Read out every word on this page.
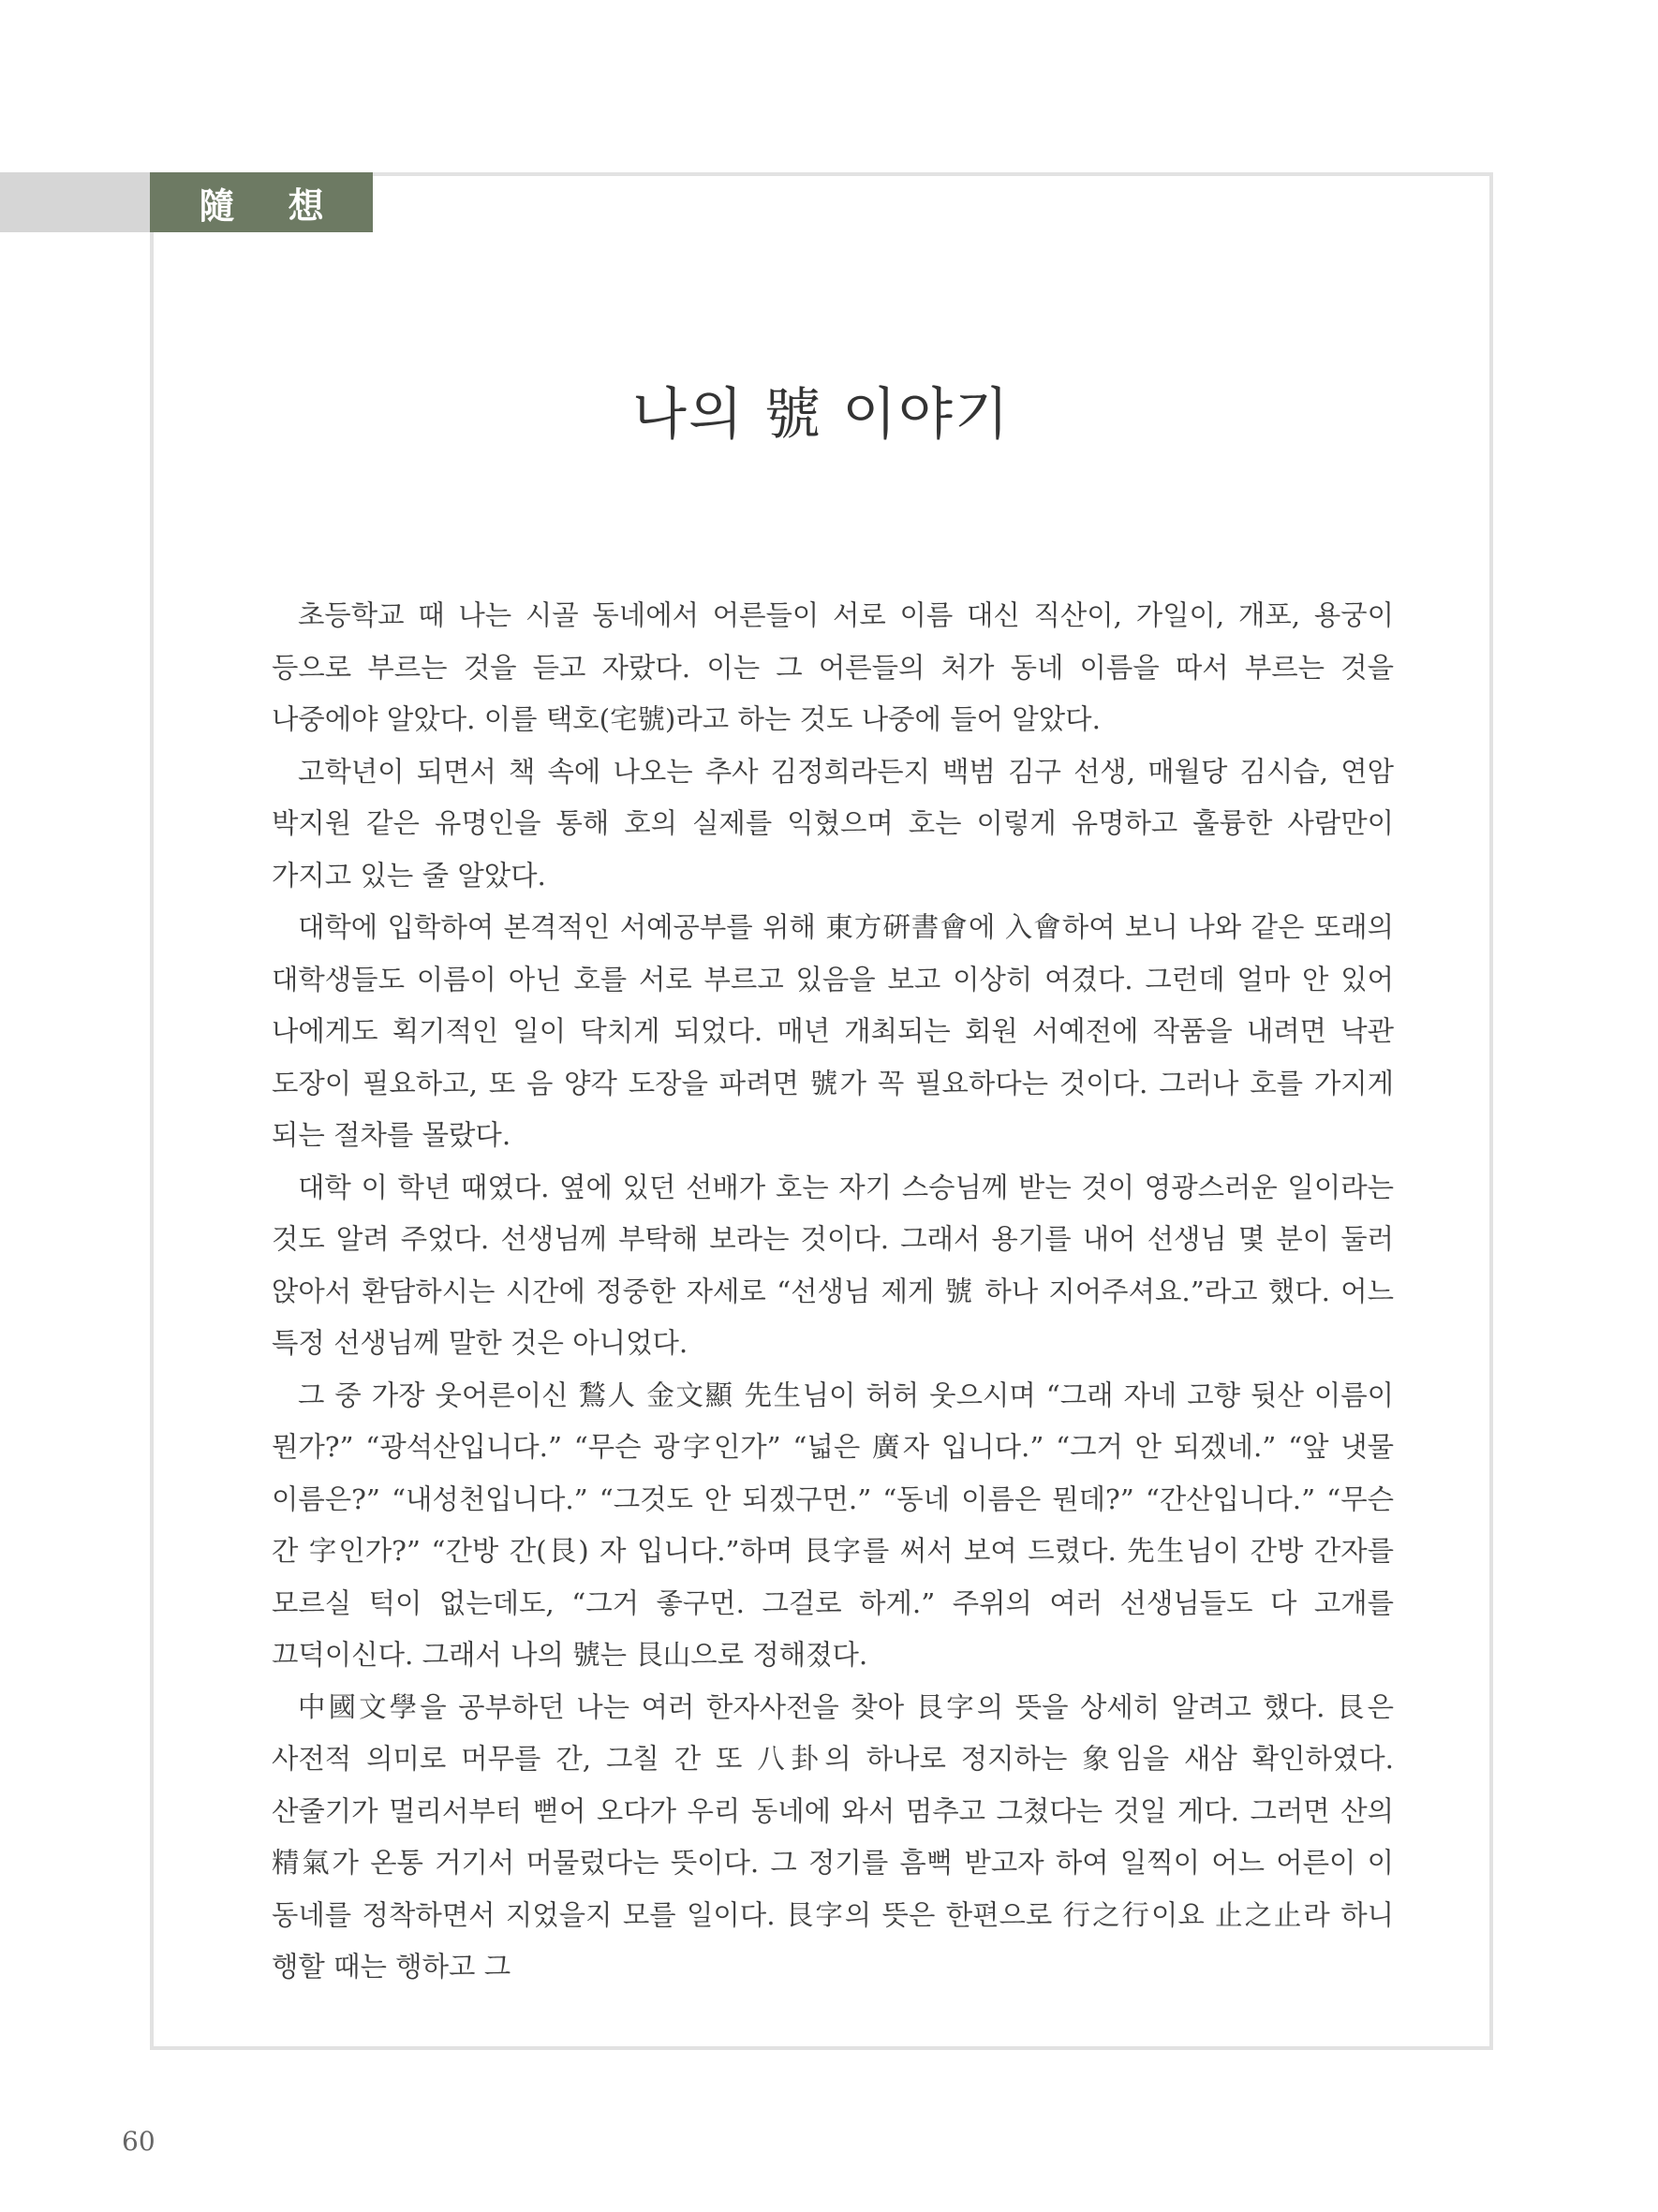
隨 想
나의 號 이야기

초등학교 때 나는 시골 동네에서 어른들이 서로 이름 대신 직산이, 가일이, 개포, 용궁이 등으로 부르는 것을 듣고 자랐다. 이는 그 어른들의 처가 동네 이름을 따서 부르는 것을 나중에야 알았다. 이를 택호(宅號)라고 하는 것도 나중에 들어 알았다.

고학년이 되면서 책 속에 나오는 추사 김정희라든지 백범 김구 선생, 매월당 김시습, 연암 박지원 같은 유명인을 통해 호의 실제를 익혔으며 호는 이렇게 유명하고 훌륭한 사람만이 가지고 있는 줄 알았다.

대학에 입학하여 본격적인 서예공부를 위해 東方硏書會에 入會하여 보니 나와 같은 또래의 대학생들도 이름이 아닌 호를 서로 부르고 있음을 보고 이상히 여겼다. 그런데 얼마 안 있어 나에게도 획기적인 일이 닥치게 되었다. 매년 개최되는 회원 서예전에 작품을 내려면 낙관 도장이 필요하고, 또 음 양각 도장을 파려면 號가 꼭 필요하다는 것이다. 그러나 호를 가지게 되는 절차를 몰랐다.

대학 이 학년 때였다. 옆에 있던 선배가 호는 자기 스승님께 받는 것이 영광스러운 일이라는 것도 알려 주었다. 선생님께 부탁해 보라는 것이다. 그래서 용기를 내어 선생님 몇 분이 둘러 앉아서 환담하시는 시간에 정중한 자세로 “선생님 제게 號 하나 지어주셔요.”라고 했다. 어느 특정 선생님께 말한 것은 아니었다.

그 중 가장 웃어른이신 鶖人 金文顯 先生님이 허허 웃으시며 “그래 자네 고향 뒷산 이름이 뭔가?” “광석산입니다.” “무슨 광字인가” “넓은 廣자 입니다.” “그거 안 되겠네.” “앞 냇물 이름은?” “내성천입니다.” “그것도 안 되겠구먼.” “동네 이름은 뭔데?” “간산입니다.” “무슨 간 字인가?” “간방 간(艮) 자 입니다.”하며 艮字를 써서 보여 드렸다. 先生님이 간방 간자를 모르실 턱이 없는데도, “그거 좋구먼. 그걸로 하게.” 주위의 여러 선생님들도 다 고개를 끄덕이신다. 그래서 나의 號는 艮山으로 정해졌다.

中國文學을 공부하던 나는 여러 한자사전을 찾아 艮字의 뜻을 상세히 알려고 했다. 艮은 사전적 의미로 머무를 간, 그칠 간 또 八卦의 하나로 정지하는 象임을 새삼 확인하였다. 산줄기가 멀리서부터 뻗어 오다가 우리 동네에 와서 멈추고 그쳤다는 것일 게다. 그러면 산의 精氣가 온통 거기서 머물렀다는 뜻이다. 그 정기를 흠뻑 받고자 하여 일찍이 어느 어른이 이 동네를 정착하면서 지었을지 모를 일이다. 艮字의 뜻은 한편으로 行之行이요 止之止라 하니 행할 때는 행하고 그

60
